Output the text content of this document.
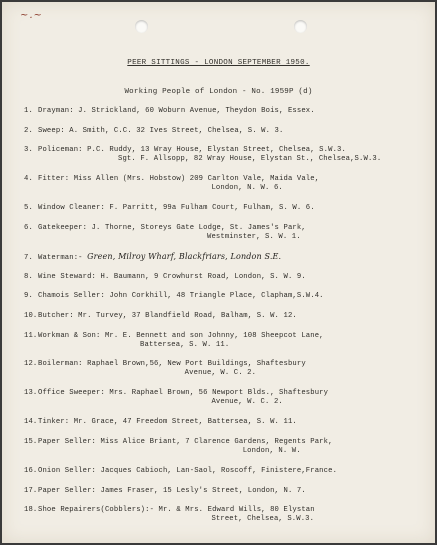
~.~
PEER SITTINGS - LONDON SEPTEMBER 1950.
Working People of London - No. 1959P (d)
1. Drayman: J. Strickland, 60 Woburn Avenue, Theydon Bois, Essex.
2. Sweep: A. Smith, C.C. 32 Ives Street, Chelsea, S. W. 3.
3. Policeman: P.C. Ruddy, 13 Wray House, Elystan Street, Chelsea, S.W.3.
Sgt. F. Allsopp, 82 Wray House, Elystan St., Chelsea,S.W.3.
4. Fitter: Miss Allen (Mrs. Hobstow) 209 Carlton Vale, Maida Vale,
London, N. W. 6.
5. Window Cleaner: F. Parritt, 99a Fulham Court, Fulham, S. W. 6.
6. Gatekeeper: J. Thorne, Storeys Gate Lodge, St. James's Park,
Westminster, S. W. 1.
7. Waterman:- Green, Milroy Wharf, Blackfriars, London S.E.
8. Wine Steward: H. Baumann, 9 Crowhurst Road, London, S. W. 9.
9. Chamois Seller: John Corkhill, 48 Triangle Place, Clapham,S.W.4.
10.Butcher: Mr. Turvey, 37 Blandfield Road, Balham, S. W. 12.
11.Workman & Son: Mr. E. Bennett and son Johnny, 108 Sheepcot Lane,
Battersea, S. W. 11.
12.Boilerman: Raphael Brown,56, New Port Buildings, Shaftesbury
Avenue, W. C. 2.
13.Office Sweeper: Mrs. Raphael Brown, 56 Newport Blds., Shaftesbury
Avenue, W. C. 2.
14.Tinker: Mr. Grace, 47 Freedom Street, Battersea, S. W. 11.
15.Paper Seller: Miss Alice Briant, 7 Clarence Gardens, Regents Park,
London, N. W.
16.Onion Seller: Jacques Cabioch, Lan-Saol, Roscoff, Finistere,France.
17.Paper Seller: James Fraser, 15 Lesly's Street, London, N. 7.
18.Shoe Repairers(Cobblers):- Mr. & Mrs. Edward Wills, 80 Elystan
Street, Chelsea, S.W.3.
